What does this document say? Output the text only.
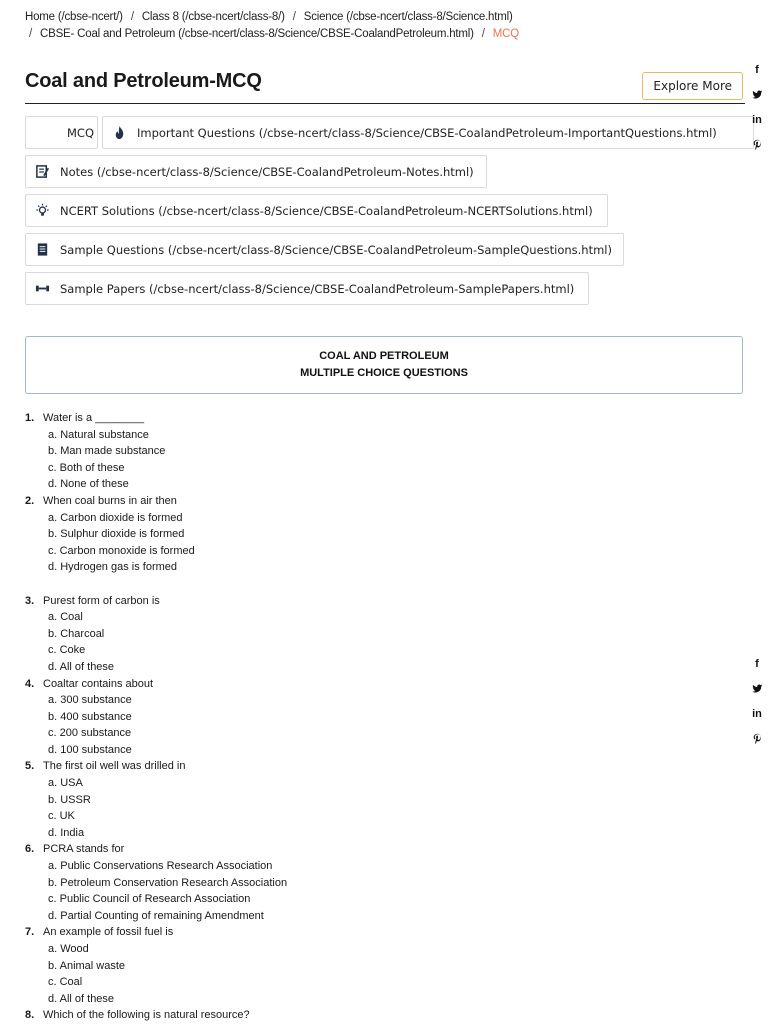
Home (/cbse-ncert/) / Class 8 (/cbse-ncert/class-8/) / Science (/cbse-ncert/class-8/Science.html)
/ CBSE- Coal and Petroleum (/cbse-ncert/class-8/Science/CBSE-CoalandPetroleum.html) / MCQ
Coal and Petroleum-MCQ	Explore More
MCQ	Important Questions (/cbse-ncert/class-8/Science/CBSE-CoalandPetroleum-ImportantQuestions.html)
Notes (/cbse-ncert/class-8/Science/CBSE-CoalandPetroleum-Notes.html)
NCERT Solutions (/cbse-ncert/class-8/Science/CBSE-CoalandPetroleum-NCERTSolutions.html)
Sample Questions (/cbse-ncert/class-8/Science/CBSE-CoalandPetroleum-SampleQuestions.html)
Sample Papers (/cbse-ncert/class-8/Science/CBSE-CoalandPetroleum-SamplePapers.html)
COAL AND PETROLEUM
MULTIPLE CHOICE QUESTIONS
1. Water is a ________
a. Natural substance
b. Man made substance
c. Both of these
d. None of these
2. When coal burns in air then
a. Carbon dioxide is formed
b. Sulphur dioxide is formed
c. Carbon monoxide is formed
d. Hydrogen gas is formed
3. Purest form of carbon is
a. Coal
b. Charcoal
c. Coke
d. All of these
4. Coaltar contains about
a. 300 substance
b. 400 substance
c. 200 substance
d. 100 substance
5. The first oil well was drilled in
a. USA
b. USSR
c. UK
d. India
6. PCRA stands for
a. Public Conservations Research Association
b. Petroleum Conservation Research Association
c. Public Council of Research Association
d. Partial Counting of remaining Amendment
7. An example of fossil fuel is
a. Wood
b. Animal waste
c. Coal
d. All of these
8. Which of the following is natural resource?
f
in
f
in
